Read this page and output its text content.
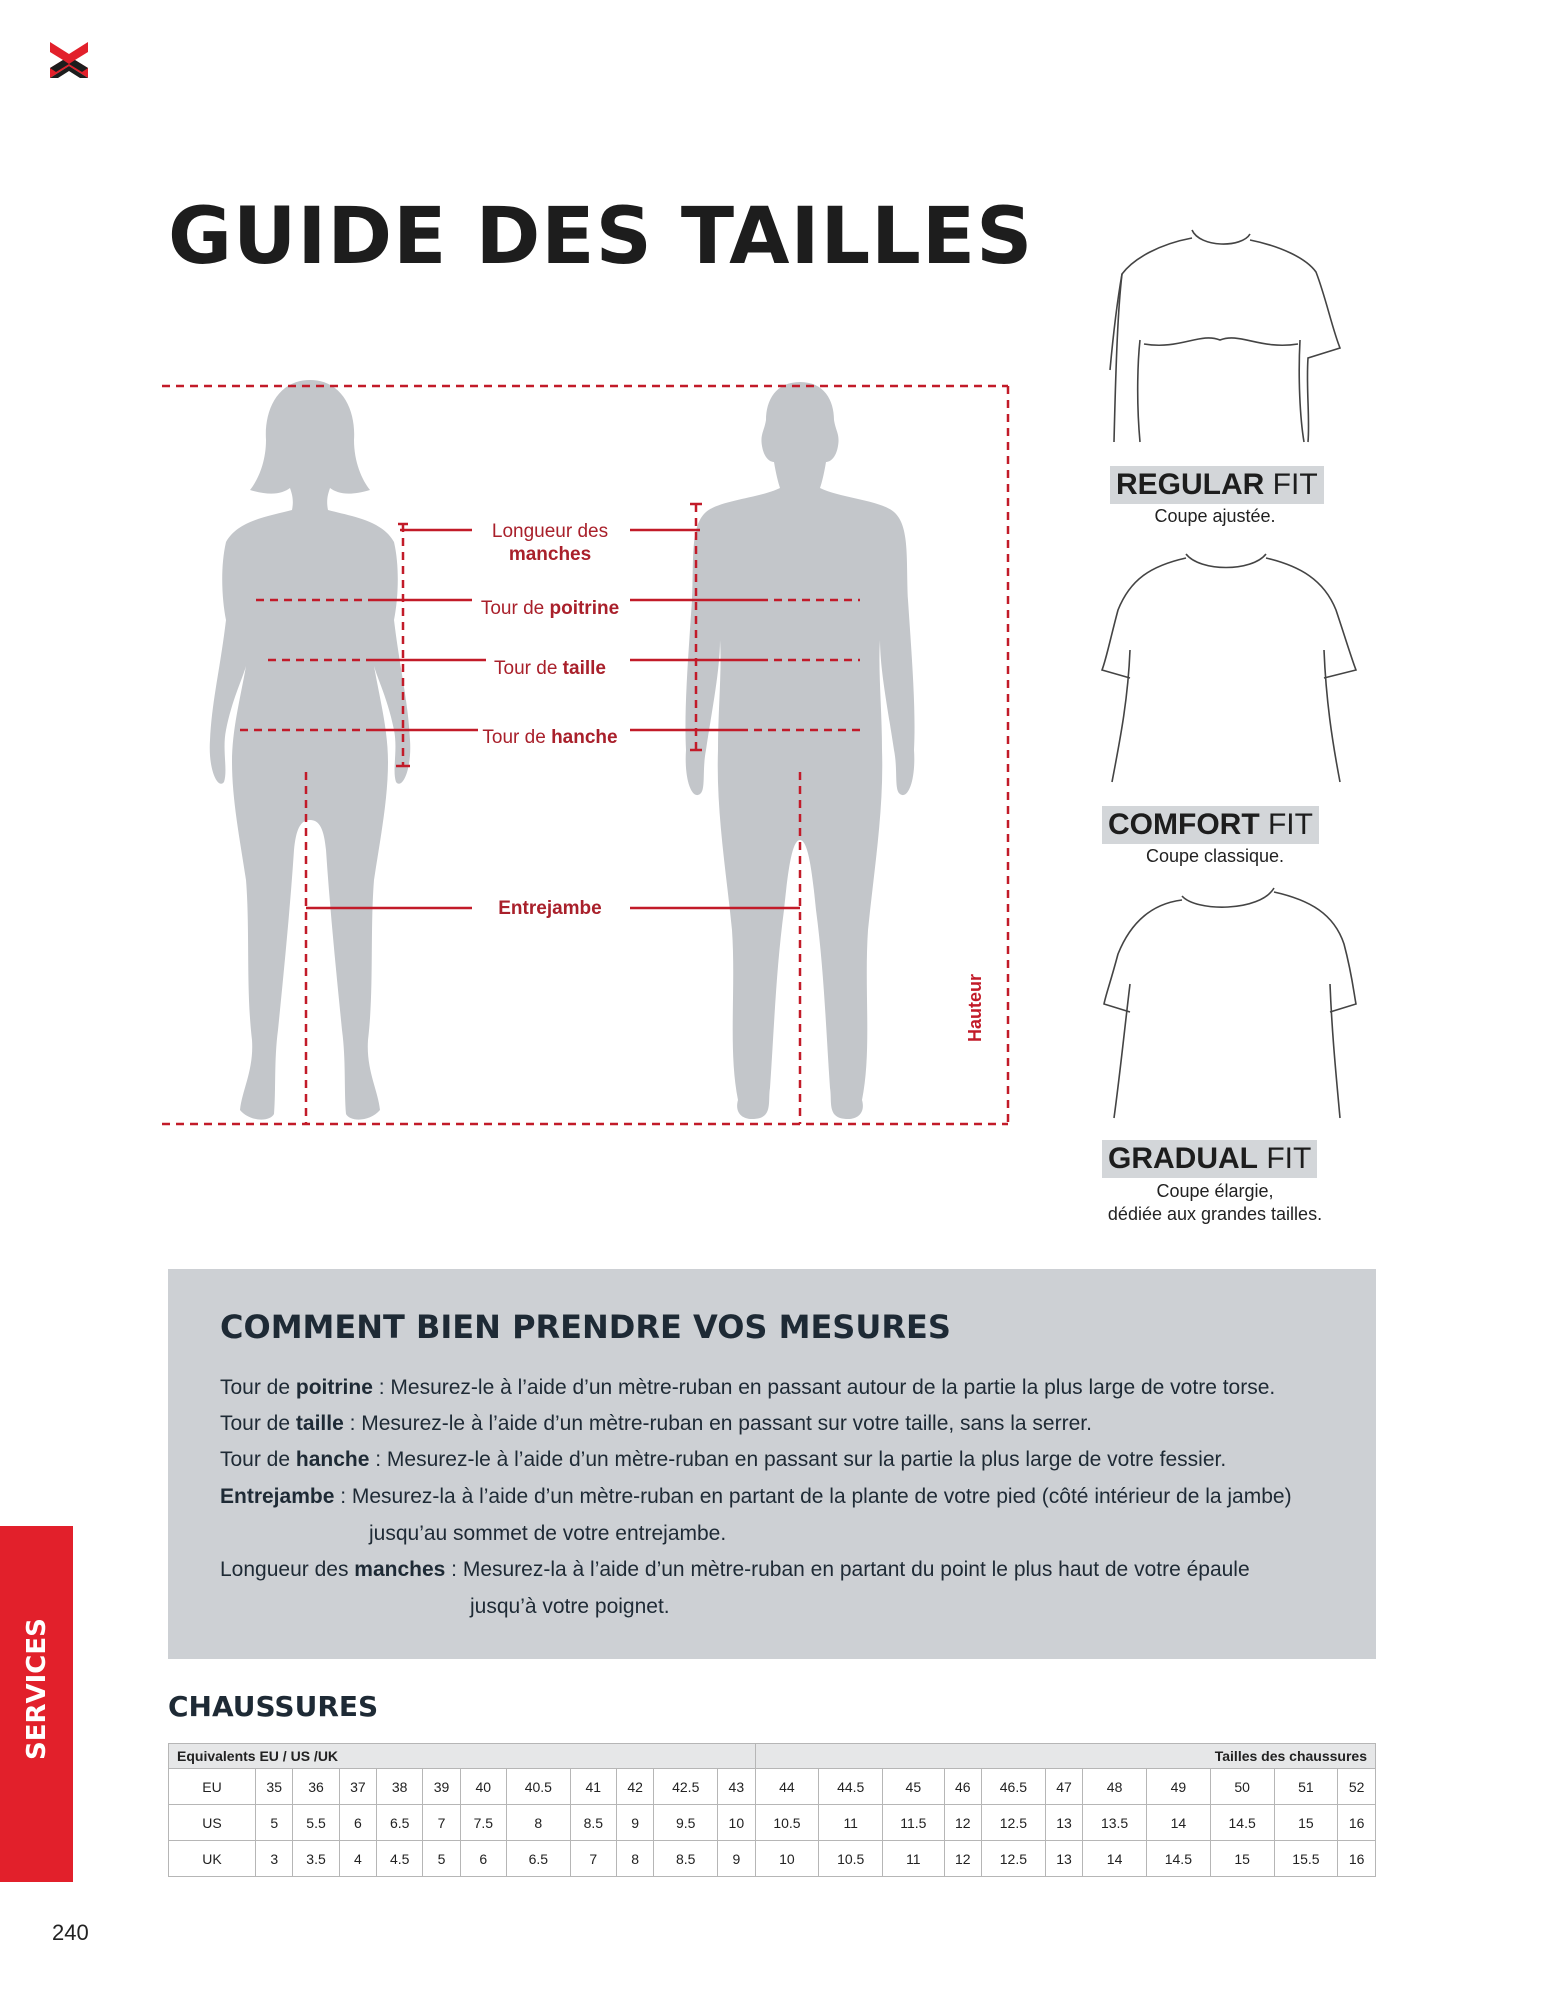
GUIDE DES TAILLES
Longueur des
manches
Tour de poitrine
Tour de taille
Tour de hanche
Entrejambe
Hauteur
REGULAR FIT
Coupe ajustée.
COMFORT FIT
Coupe classique.
GRADUAL FIT
Coupe élargie,
dédiée aux grandes tailles.
COMMENT BIEN PRENDRE VOS MESURES
Tour de poitrine : Mesurez-le à l’aide d’un mètre-ruban en passant autour de la partie la plus large de votre torse.
Tour de taille : Mesurez-le à l’aide d’un mètre-ruban en passant sur votre taille, sans la serrer.
Tour de hanche : Mesurez-le à l’aide d’un mètre-ruban en passant sur la partie la plus large de votre fessier.
Entrejambe : Mesurez-la à l’aide d’un mètre-ruban en partant de la plante de votre pied (côté intérieur de la jambe)
jusqu’au sommet de votre entrejambe.
Longueur des manches : Mesurez-la à l’aide d’un mètre-ruban en partant du point le plus haut de votre épaule
jusqu’à votre poignet.
CHAUSSURES
Equivalents EU / US /UK												Tailles des chaussures										
EU	35	36	37	38	39	40	40.5	41	42	42.5	43	44	44.5	45	46	46.5	47	48	49	50	51	52
US	5	5.5	6	6.5	7	7.5	8	8.5	9	9.5	10	10.5	11	11.5	12	12.5	13	13.5	14	14.5	15	16
UK	3	3.5	4	4.5	5	6	6.5	7	8	8.5	9	10	10.5	11	12	12.5	13	14	14.5	15	15.5	16
SERVICES
240
